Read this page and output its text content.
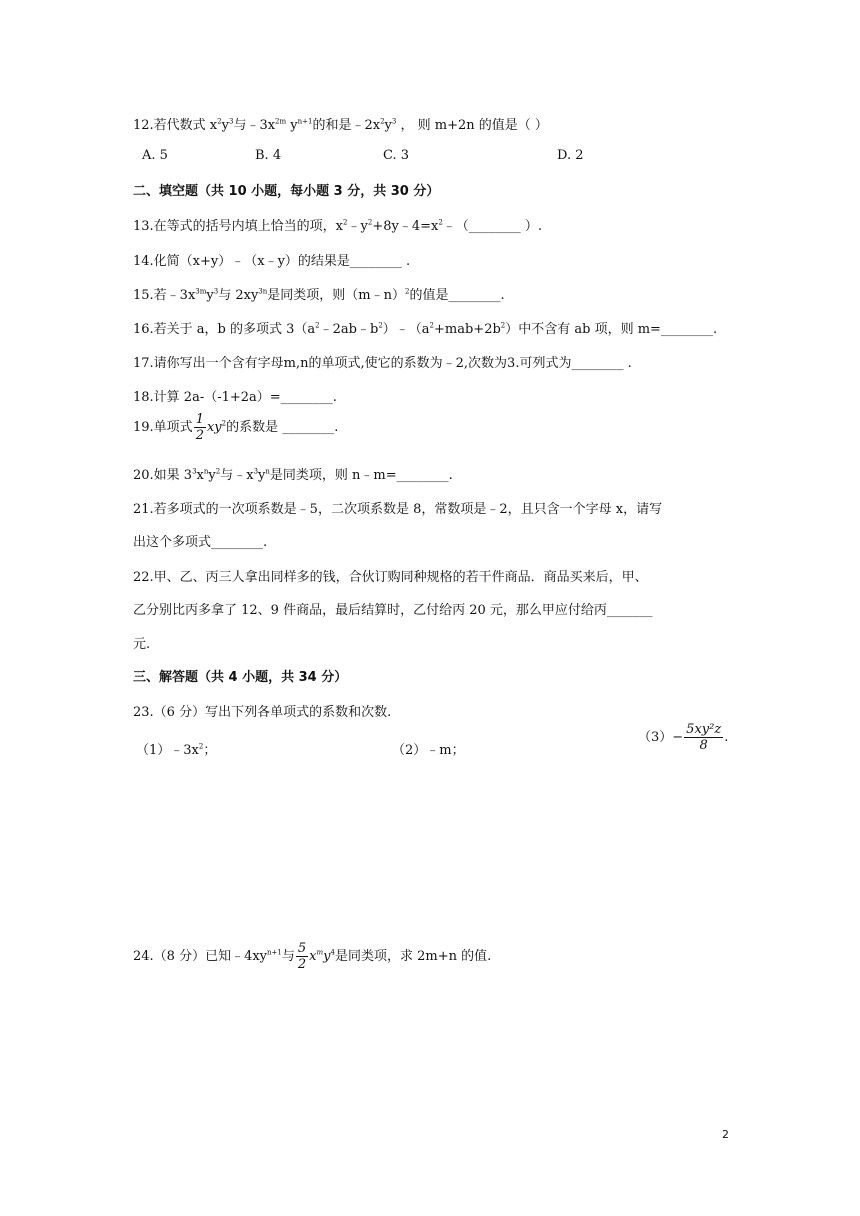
12.若代数式 $x^2y^3$与$﹣3x^{2m}$ $y^{n+1}$的和是$﹣2x^2y^3$ ， 则 m+2n 的值是（ ）
A. 5	B. 4	C. 3	D. 2
二、填空题（共 10 小题，每小题 3 分，共 30 分）
13.在等式的括号内填上恰当的项，$x^2﹣y^2+8y﹣4=x^2﹣(\_\_\_\_\_\_\_\_$ ）.
14.化简（x+y）﹣（x﹣y）的结果是________ .
15.若$﹣3x^{3m}y^3$与 $2xy^{3n}$是同类项，则（m﹣n）$^2$的值是________.
16.若关于 a，b 的多项式 $3(a^2﹣2ab﹣b^2)﹣(a^2+mab+2b^2)$中不含有 ab 项，则 m=________.
17.请你写出一个含有字母m,n的单项式,使它的系数为﹣2,次数为3.可列式为________ .
18.计算 2a-（-1+2a）=________.
19.单项式 $\frac{1}{2} xy^2$的系数是 ________.
20.如果 $3^3x^ny^2$与$﹣x^3y^n$是同类项，则 n﹣m=________.
21.若多项式的一次项系数是﹣5，二次项系数是 8，常数项是﹣2，且只含一个字母 x，请写
出这个多项式________.
22.甲、乙、丙三人拿出同样多的钱，合伙订购同种规格的若干件商品．商品买来后，甲、
乙分别比丙多拿了 12、9 件商品，最后结算时，乙付给丙 20 元，那么甲应付给丙_______
元.
三、解答题（共 4 小题，共 34 分）
23.（6 分）写出下列各单项式的系数和次数.
$(1)﹣3x^2$；	（2）﹣m；
$(3)- \frac{\text{5xy²z}}{8}$ .
24.（8 分）已知$﹣4xy^{n+1}$与 $\frac{5}{2} x^my^4$是同类项，求 2m+n 的值.
2
